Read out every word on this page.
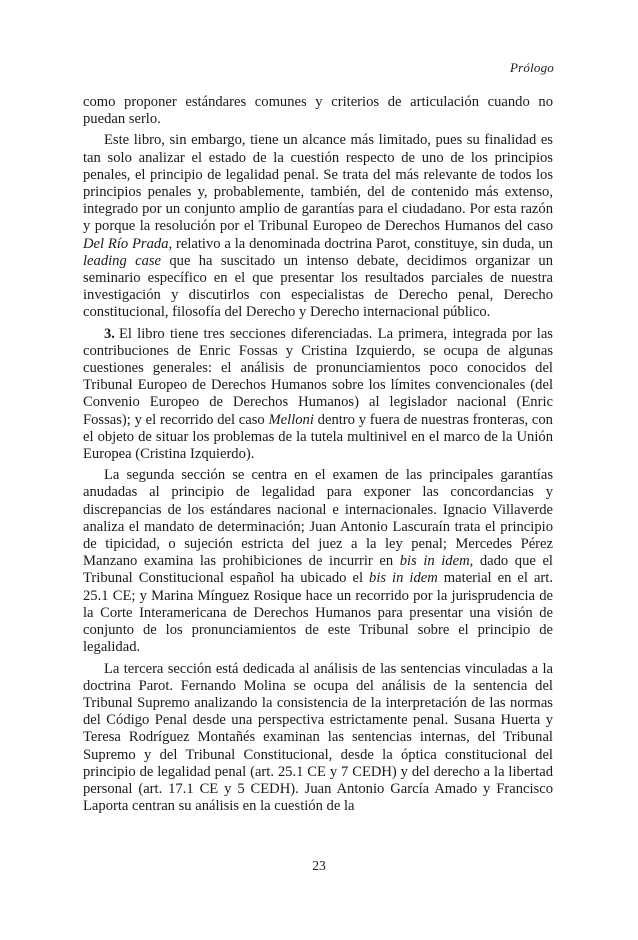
Prólogo

como proponer estándares comunes y criterios de articulación cuando no puedan serlo.

Este libro, sin embargo, tiene un alcance más limitado, pues su finalidad es tan solo analizar el estado de la cuestión respecto de uno de los principios penales, el principio de legalidad penal. Se trata del más relevante de todos los principios penales y, probablemente, también, del de contenido más extenso, integrado por un conjunto amplio de garantías para el ciudadano. Por esta razón y porque la resolución por el Tribunal Europeo de Derechos Humanos del caso Del Río Prada, relativo a la denominada doctrina Parot, constituye, sin duda, un leading case que ha suscitado un intenso debate, decidimos organizar un seminario específico en el que presentar los resultados parciales de nuestra investigación y discutirlos con especialistas de Derecho penal, Derecho constitucional, filosofía del Derecho y Derecho internacional público.

3. El libro tiene tres secciones diferenciadas. La primera, integrada por las contribuciones de Enric Fossas y Cristina Izquierdo, se ocupa de algunas cuestiones generales: el análisis de pronunciamientos poco conocidos del Tribunal Europeo de Derechos Humanos sobre los límites convencionales (del Convenio Europeo de Derechos Humanos) al legislador nacional (Enric Fossas); y el recorrido del caso Melloni dentro y fuera de nuestras fronteras, con el objeto de situar los problemas de la tutela multinivel en el marco de la Unión Europea (Cristina Izquierdo).

La segunda sección se centra en el examen de las principales garantías anudadas al principio de legalidad para exponer las concordancias y discrepancias de los estándares nacional e internacionales. Ignacio Villaverde analiza el mandato de determinación; Juan Antonio Lascuraín trata el principio de tipicidad, o sujeción estricta del juez a la ley penal; Mercedes Pérez Manzano examina las prohibiciones de incurrir en bis in idem, dado que el Tribunal Constitucional español ha ubicado el bis in idem material en el art. 25.1 CE; y Marina Mínguez Rosique hace un recorrido por la jurisprudencia de la Corte Interamericana de Derechos Humanos para presentar una visión de conjunto de los pronunciamientos de este Tribunal sobre el principio de legalidad.

La tercera sección está dedicada al análisis de las sentencias vinculadas a la doctrina Parot. Fernando Molina se ocupa del análisis de la sentencia del Tribunal Supremo analizando la consistencia de la interpretación de las normas del Código Penal desde una perspectiva estrictamente penal. Susana Huerta y Teresa Rodríguez Montañés examinan las sentencias internas, del Tribunal Supremo y del Tribunal Constitucional, desde la óptica constitucional del principio de legalidad penal (art. 25.1 CE y 7 CEDH) y del derecho a la libertad personal (art. 17.1 CE y 5 CEDH). Juan Antonio García Amado y Francisco Laporta centran su análisis en la cuestión de la

23
